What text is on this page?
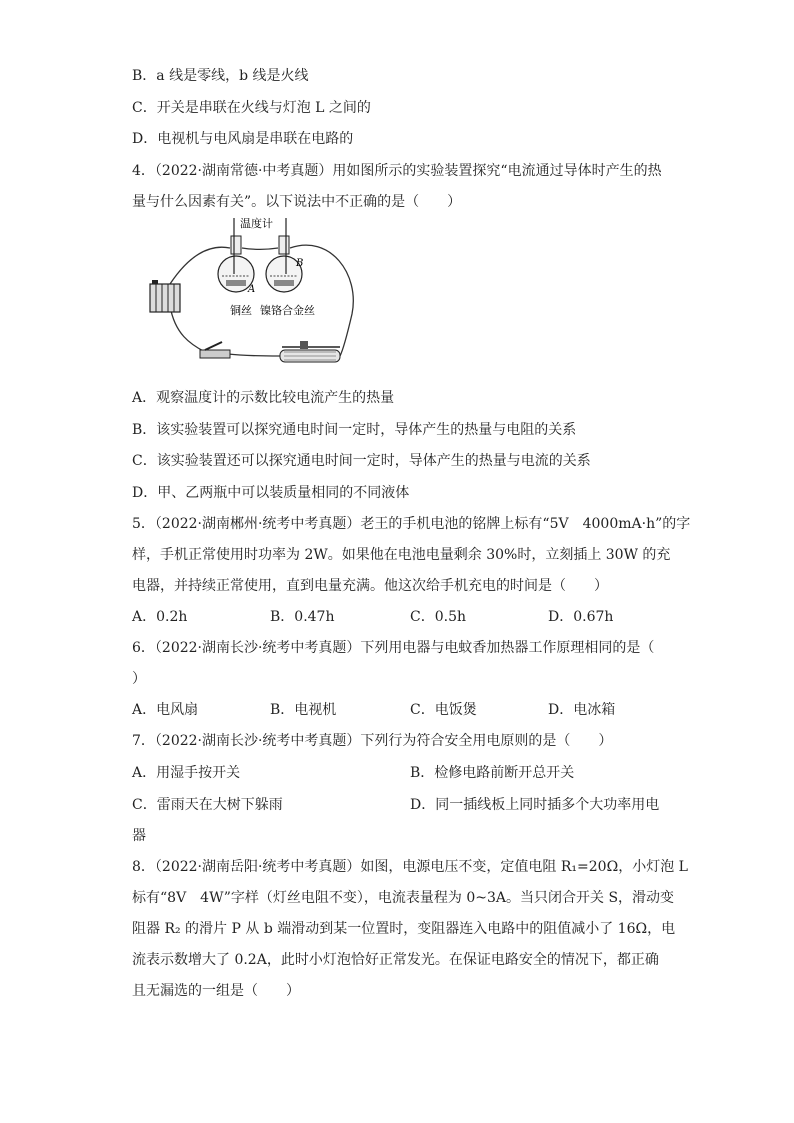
B．a 线是零线，b 线是火线
C．开关是串联在火线与灯泡 L 之间的
D．电视机与电风扇是串联在电路的
4．（2022·湖南常德·中考真题）用如图所示的实验装置探究“电流通过导体时产生的热
量与什么因素有关”。以下说法中不正确的是（　　）
温度计
A
B
铜丝 镍铬合金丝
A．观察温度计的示数比较电流产生的热量
B．该实验装置可以探究通电时间一定时，导体产生的热量与电阻的关系
C．该实验装置还可以探究通电时间一定时，导体产生的热量与电流的关系
D．甲、乙两瓶中可以装质量相同的不同液体
5．（2022·湖南郴州·统考中考真题）老王的手机电池的铭牌上标有“5V　4000mA·h”的字
样，手机正常使用时功率为 2W。如果他在电池电量剩余 30%时，立刻插上 30W 的充
电器，并持续正常使用，直到电量充满。他这次给手机充电的时间是（　　）
A．0.2h	B．0.47h	C．0.5h	D．0.67h
6．（2022·湖南长沙·统考中考真题）下列用电器与电蚊香加热器工作原理相同的是（
）
A．电风扇	B．电视机	C．电饭煲	D．电冰箱
7．（2022·湖南长沙·统考中考真题）下列行为符合安全用电原则的是（　　）
A．用湿手按开关	B．检修电路前断开总开关
C．雷雨天在大树下躲雨	D．同一插线板上同时插多个大功率用电
器
8．（2022·湖南岳阳·统考中考真题）如图，电源电压不变，定值电阻 R₁=20Ω，小灯泡 L
标有“8V　4W”字样（灯丝电阻不变），电流表量程为 0~3A。当只闭合开关 S，滑动变
阻器 R₂ 的滑片 P 从 b 端滑动到某一位置时，变阻器连入电路中的阻值减小了 16Ω，电
流表示数增大了 0.2A，此时小灯泡恰好正常发光。在保证电路安全的情况下，都正确
且无漏选的一组是（　　）
